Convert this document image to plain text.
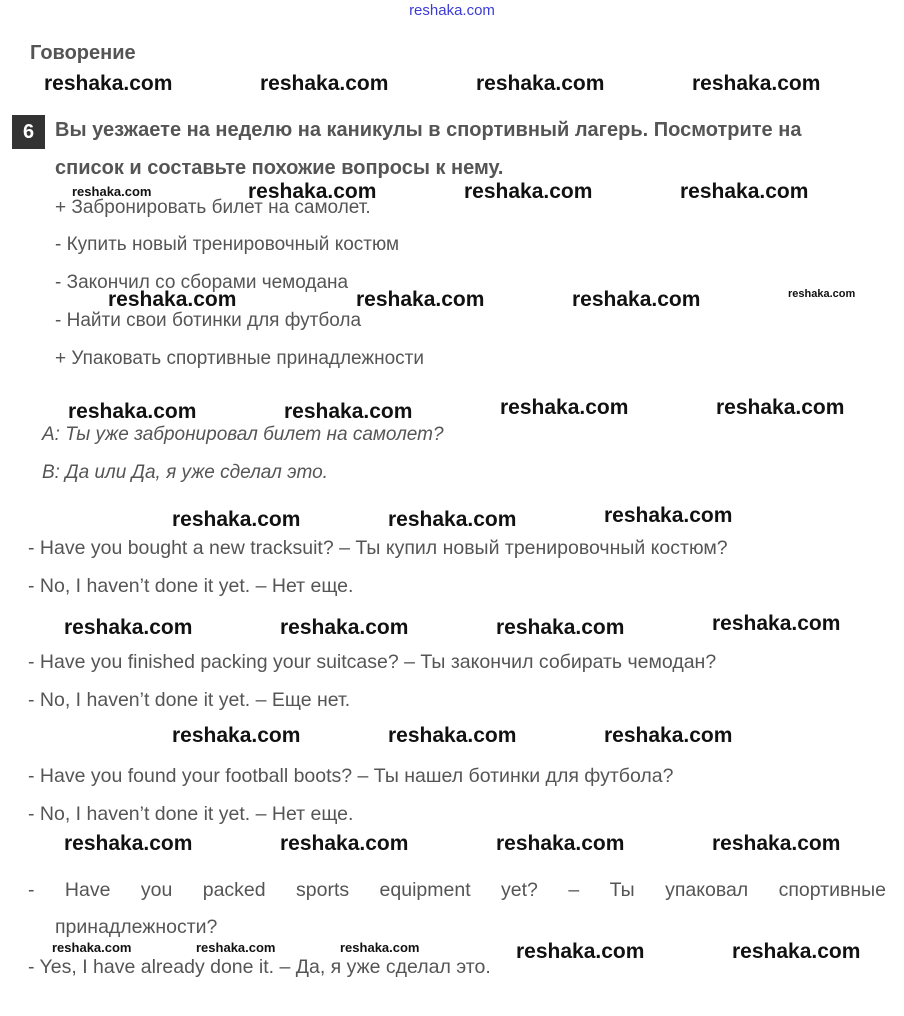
reshaka.com
Говорение
6	Вы уезжаете на неделю на каникулы в спортивный лагерь. Посмотрите на
список и составьте похожие вопросы к нему.
+ Забронировать билет на самолет.
- Купить новый тренировочный костюм
- Закончил со сборами чемодана
- Найти свои ботинки для футбола
+ Упаковать спортивные принадлежности
А: Ты уже забронировал билет на самолет?
В: Да или Да, я уже сделал это.
- Have you bought a new tracksuit? – Ты купил новый тренировочный костюм?
- No, I haven’t done it yet. – Нет еще.
- Have you finished packing your suitcase? – Ты закончил собирать чемодан?
- No, I haven’t done it yet. – Еще нет.
- Have you found your football boots? – Ты нашел ботинки для футбола?
- No, I haven’t done it yet. – Нет еще.
- Have you packed sports equipment yet? – Ты упаковал спортивные
принадлежности?
- Yes, I have already done it. – Да, я уже сделал это.
reshaka.com	reshaka.com	reshaka.com	reshaka.com
reshaka.com	reshaka.com	reshaka.com	reshaka.com
reshaka.com	reshaka.com	reshaka.com	reshaka.com
reshaka.com	reshaka.com	reshaka.com	reshaka.com
reshaka.com	reshaka.com	reshaka.com
reshaka.com	reshaka.com	reshaka.com	reshaka.com
reshaka.com	reshaka.com	reshaka.com
reshaka.com	reshaka.com	reshaka.com	reshaka.com
reshaka.com	reshaka.com	reshaka.com	reshaka.com	reshaka.com
